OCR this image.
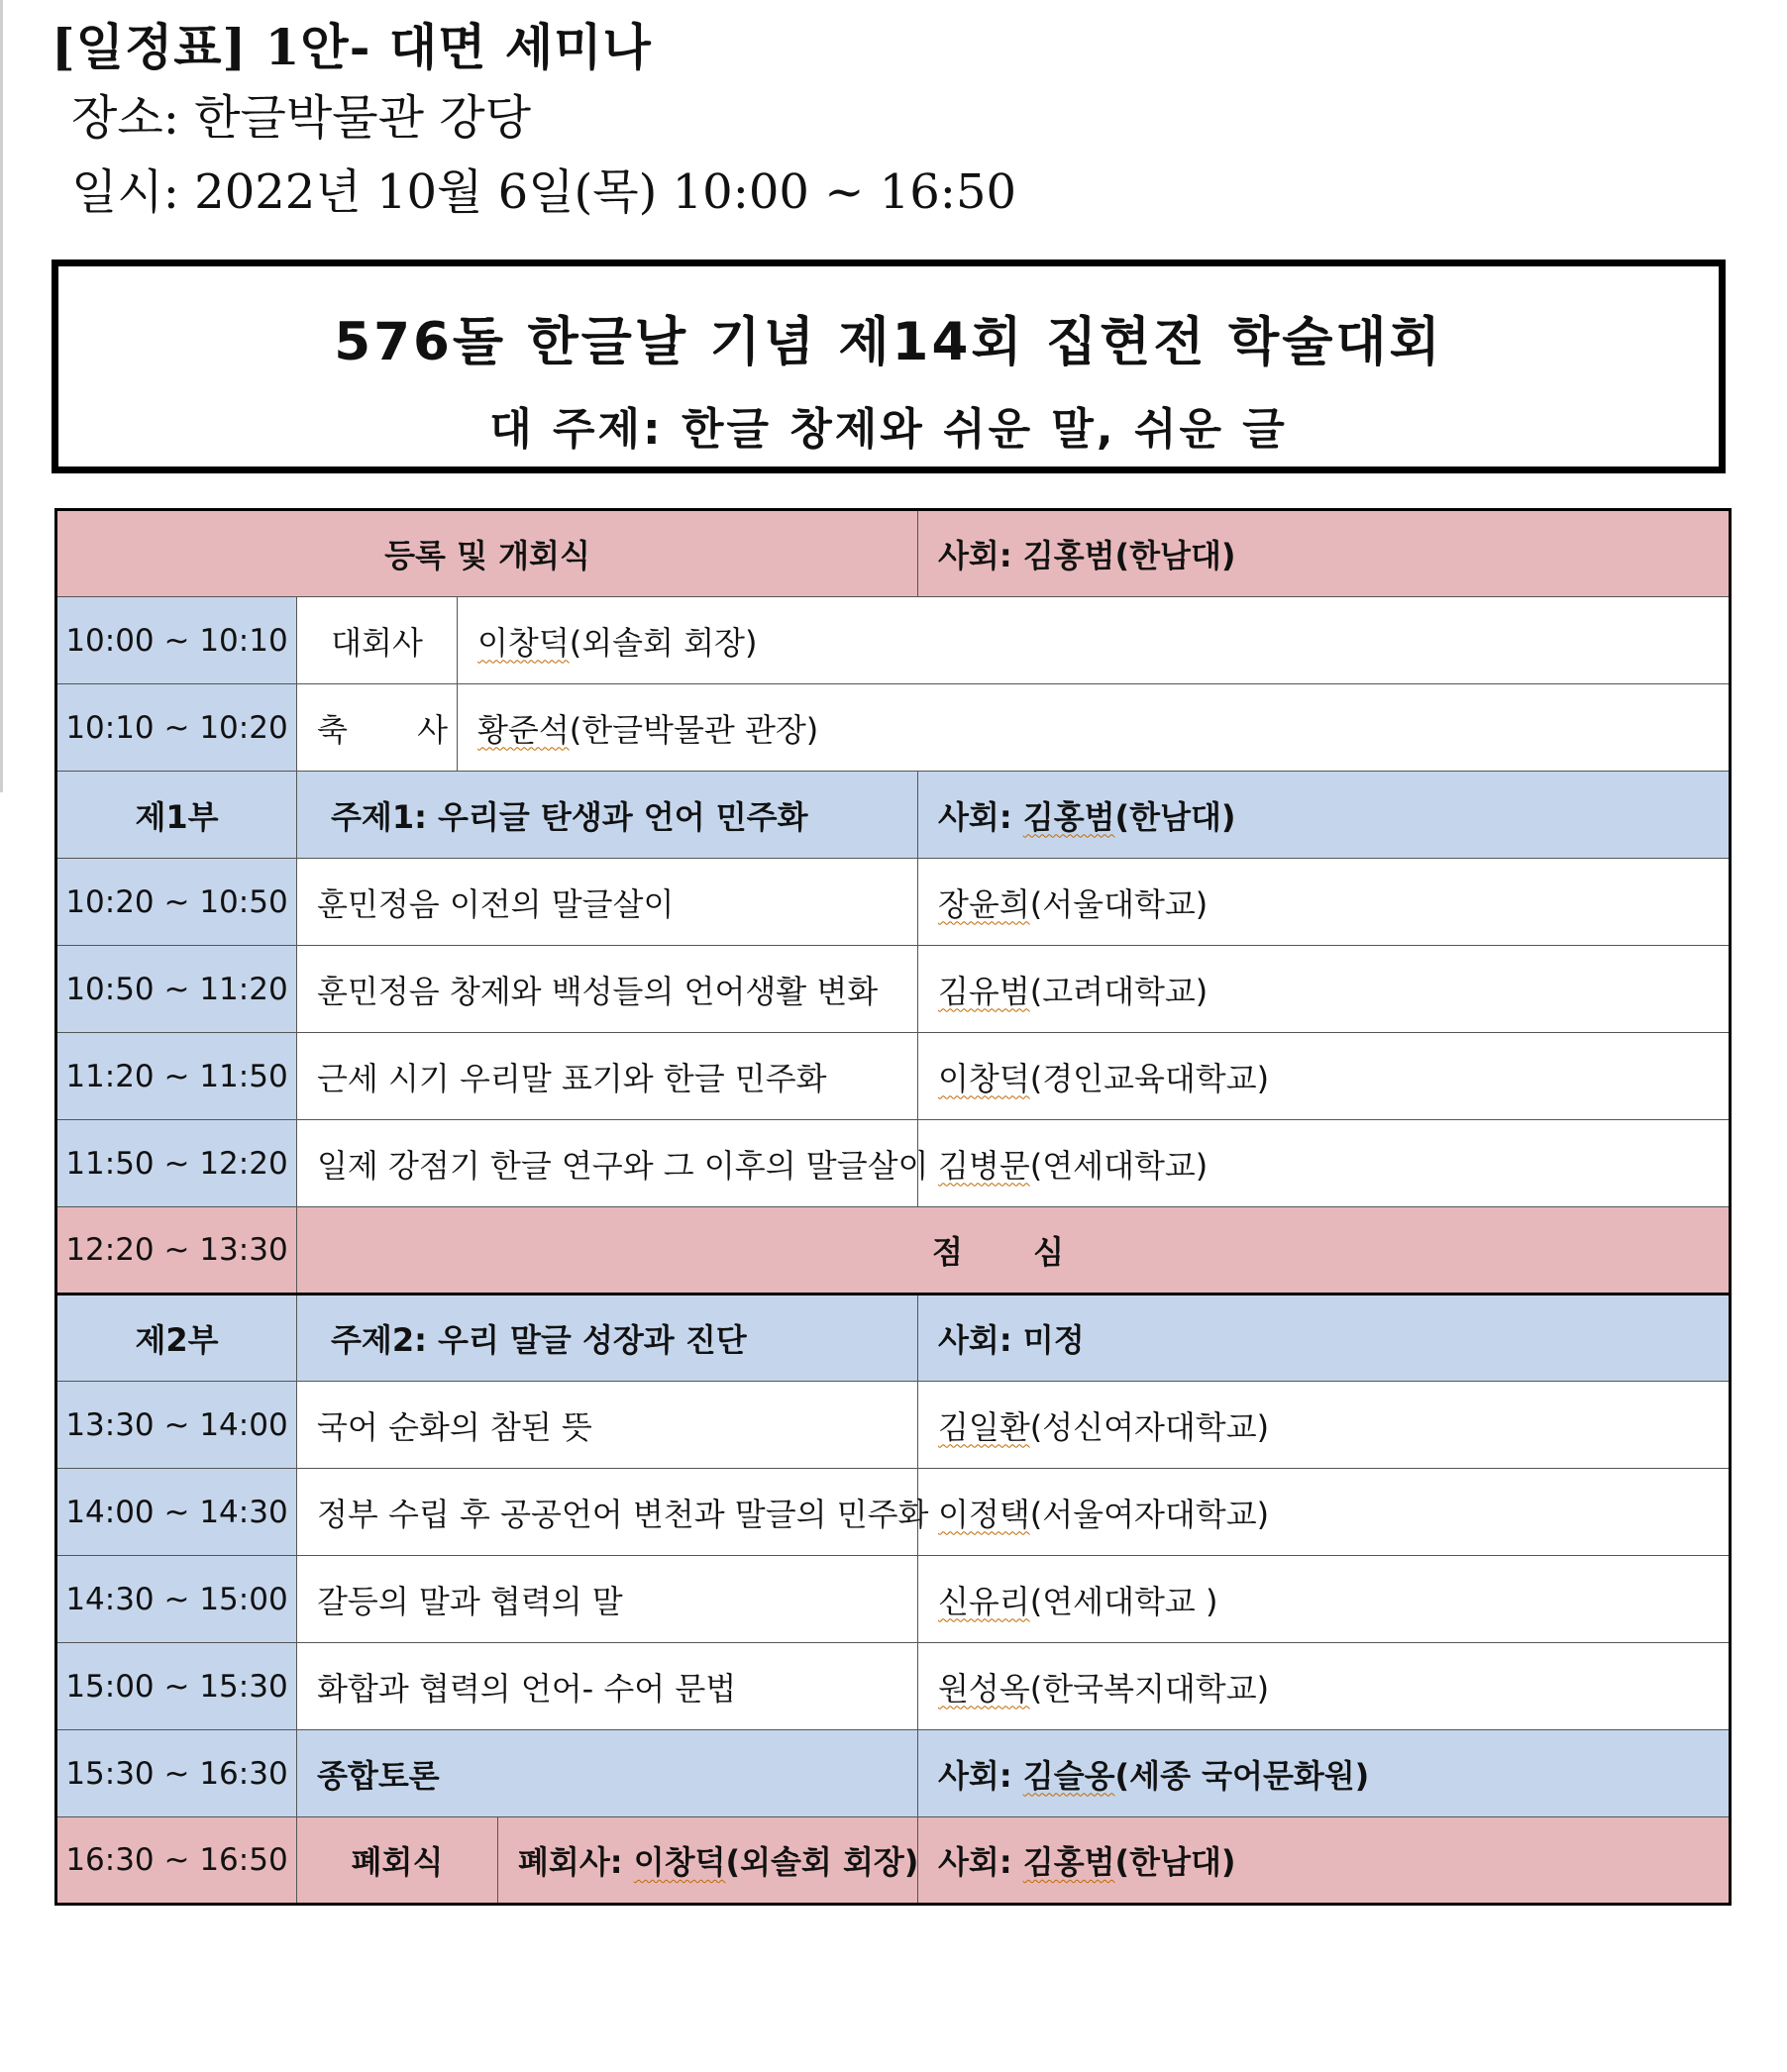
[일정표] 1안- 대면 세미나
장소: 한글박물관 강당
일시: 2022년 10월 6일(목) 10:00 ~ 16:50
576돌 한글날 기념 제14회 집현전 학술대회
대 주제: 한글 창제와 쉬운 말, 쉬운 글
등록 및 개회식				사회: 김홍범(한남대)
10:00 ~ 10:10	대회사	이창덕(외솔회 회장)		
10:10 ~ 10:20	축 사	황준석(한글박물관 관장)		
제1부	주제1: 우리글 탄생과 언어 민주화			사회: 김홍범(한남대)
10:20 ~ 10:50	훈민정음 이전의 말글살이			장윤희(서울대학교)
10:50 ~ 11:20	훈민정음 창제와 백성들의 언어생활 변화			김유범(고려대학교)
11:20 ~ 11:50	근세 시기 우리말 표기와 한글 민주화			이창덕(경인교육대학교)
11:50 ~ 12:20	일제 강점기 한글 연구와 그 이후의 말글살이			김병문(연세대학교)
12:20 ~ 13:30	점 심			
제2부	주제2: 우리 말글 성장과 진단			사회: 미정
13:30 ~ 14:00	국어 순화의 참된 뜻			김일환(성신여자대학교)
14:00 ~ 14:30	정부 수립 후 공공언어 변천과 말글의 민주화			이정택(서울여자대학교)
14:30 ~ 15:00	갈등의 말과 협력의 말			신유리(연세대학교 )
15:00 ~ 15:30	화합과 협력의 언어- 수어 문법			원성옥(한국복지대학교)
15:30 ~ 16:30	종합토론			사회: 김슬옹(세종 국어문화원)
16:30 ~ 16:50	폐회식		폐회사: 이창덕(외솔회 회장)	사회: 김홍범(한남대)
